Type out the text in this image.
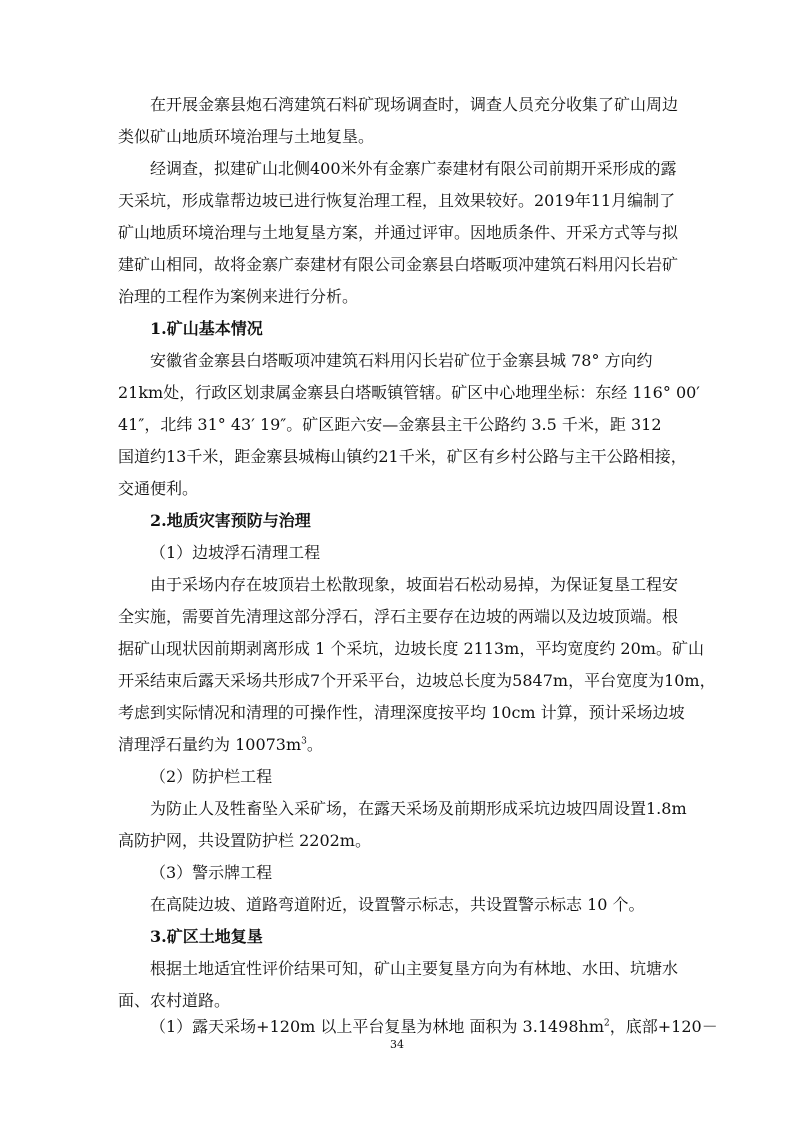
在开展金寨县炮石湾建筑石料矿现场调查时，调查人员充分收集了矿山周边
类似矿山地质环境治理与土地复垦。
经调查，拟建矿山北侧400米外有金寨广泰建材有限公司前期开采形成的露
天采坑，形成靠帮边坡已进行恢复治理工程，且效果较好。2019年11月编制了
矿山地质环境治理与土地复垦方案，并通过评审。因地质条件、开采方式等与拟
建矿山相同，故将金寨广泰建材有限公司金寨县白塔畈项冲建筑石料用闪长岩矿
治理的工程作为案例来进行分析。
1.矿山基本情况
安徽省金寨县白塔畈项冲建筑石料用闪长岩矿位于金寨县城 78° 方向约
21km处，行政区划隶属金寨县白塔畈镇管辖。矿区中心地理坐标：东经 116° 00′
41″，北纬 31° 43′ 19″。矿区距六安—金寨县主干公路约 3.5 千米，距 312
国道约13千米，距金寨县城梅山镇约21千米，矿区有乡村公路与主干公路相接，
交通便利。
2.地质灾害预防与治理
（1）边坡浮石清理工程
由于采场内存在坡顶岩土松散现象，坡面岩石松动易掉，为保证复垦工程安
全实施，需要首先清理这部分浮石，浮石主要存在边坡的两端以及边坡顶端。根
据矿山现状因前期剥离形成 1 个采坑，边坡长度 2113m，平均宽度约 20m。矿山
开采结束后露天采场共形成7个开采平台，边坡总长度为5847m，平台宽度为10m，
考虑到实际情况和清理的可操作性，清理深度按平均 10cm 计算，预计采场边坡
清理浮石量约为 $10073m^3$。
（2）防护栏工程
为防止人及牲畜坠入采矿场，在露天采场及前期形成采坑边坡四周设置1.8m
高防护网，共设置防护栏 2202m。
（3）警示牌工程
在高陡边坡、道路弯道附近，设置警示标志，共设置警示标志 10 个。
3.矿区土地复垦
根据土地适宜性评价结果可知，矿山主要复垦方向为有林地、水田、坑塘水
面、农村道路。
（1）露天采场+120m 以上平台复垦为林地 面积为 $3.1498hm^2$，底部+120－
34
